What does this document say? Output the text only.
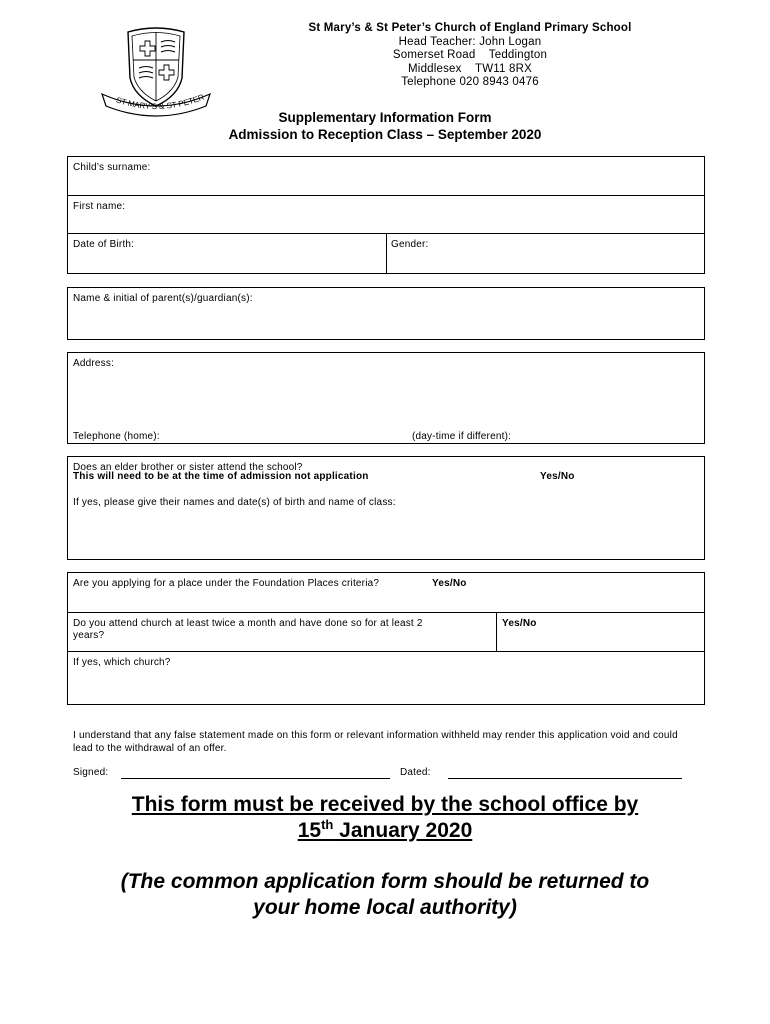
ST MARY'S & ST PETER
St Mary’s & St Peter’s Church of England Primary School
Head Teacher: John Logan
Somerset Road    Teddington
Middlesex    TW11 8RX
Telephone 020 8943 0476
Supplementary Information Form
Admission to Reception Class – September 2020
Child’s surname:
First name:
Date of Birth:	Gender:
Name & initial of parent(s)/guardian(s):
Address:
Telephone (home):	(day-time if different):
Does an elder brother or sister attend the school?
This will need to be at the time of admission not application	Yes/No
If yes, please give their names and date(s) of birth and name of class:
Are you applying for a place under the Foundation Places criteria?	Yes/No
Do you attend church at least twice a month and have done so for at least 2
years?
Yes/No
If yes, which church?
I understand that any false statement made on this form or relevant information withheld may render this application void and could lead to the withdrawal of an offer.
Signed:	Dated:
This form must be received by the school office by
15th January 2020
(The common application form should be returned to
your home local authority)
